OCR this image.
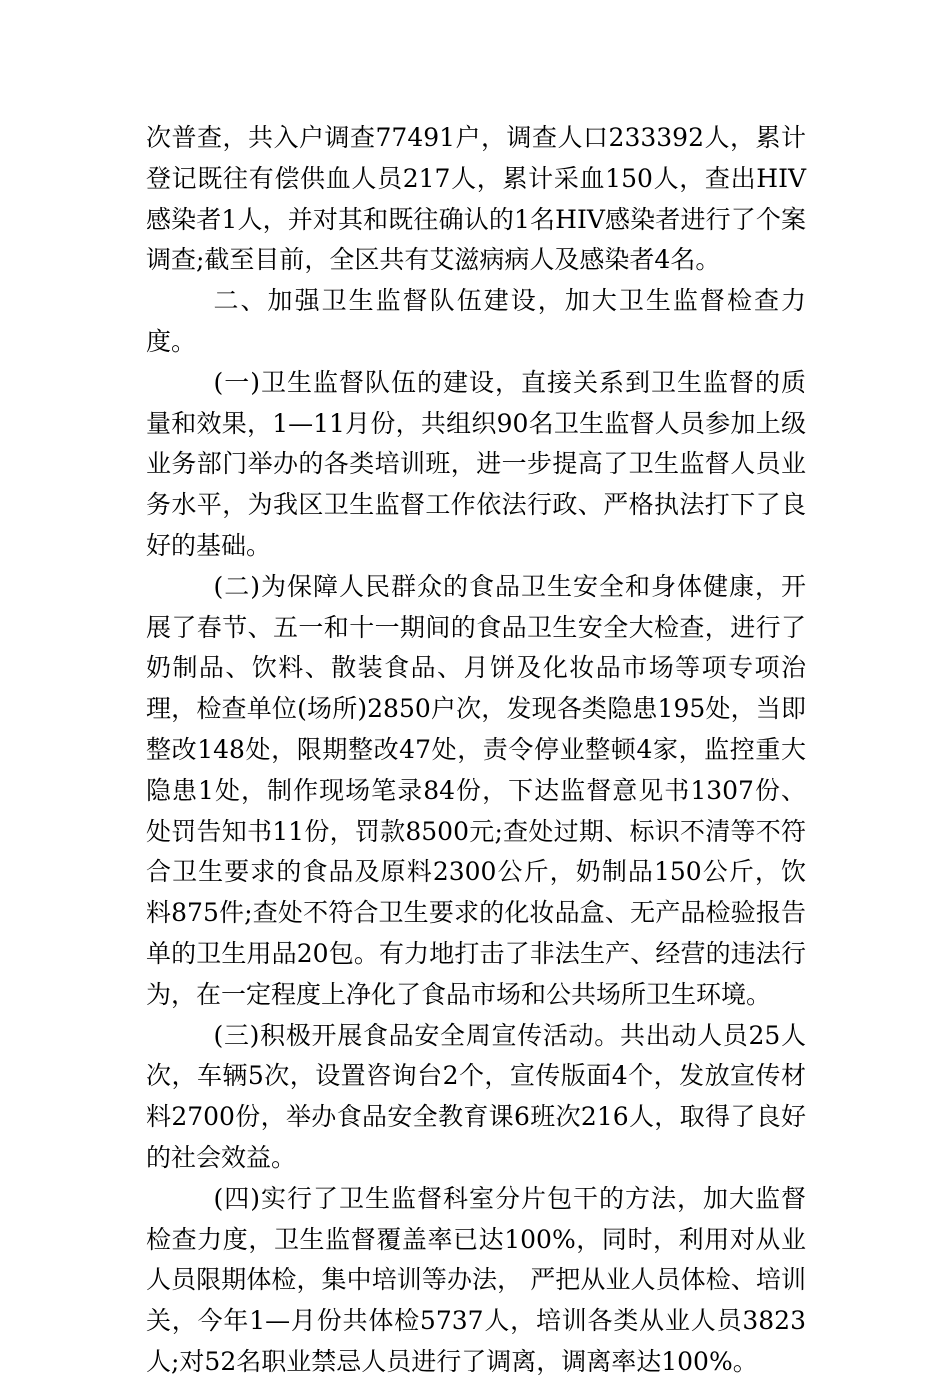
次普查，共入户调查77491户，调查人口233392人，累计登记既往有偿供血人员217人，累计采血150人，查出HIV感染者1人，并对其和既往确认的1名HIV感染者进行了个案调查;截至目前，全区共有艾滋病病人及感染者4名。

二、加强卫生监督队伍建设，加大卫生监督检查力度。

(一)卫生监督队伍的建设，直接关系到卫生监督的质量和效果，1—11月份，共组织90名卫生监督人员参加上级业务部门举办的各类培训班，进一步提高了卫生监督人员业务水平，为我区卫生监督工作依法行政、严格执法打下了良好的基础。

(二)为保障人民群众的食品卫生安全和身体健康，开展了春节、五一和十一期间的食品卫生安全大检查，进行了奶制品、饮料、散装食品、月饼及化妆品市场等项专项治理，检查单位(场所)2850户次，发现各类隐患195处，当即整改148处，限期整改47处，责令停业整顿4家，监控重大隐患1处，制作现场笔录84份，下达监督意见书1307份、处罚告知书11份，罚款8500元;查处过期、标识不清等不符合卫生要求的食品及原料2300公斤，奶制品150公斤，饮料875件;查处不符合卫生要求的化妆品盒、无产品检验报告单的卫生用品20包。有力地打击了非法生产、经营的违法行为，在一定程度上净化了食品市场和公共场所卫生环境。

(三)积极开展食品安全周宣传活动。共出动人员25人次，车辆5次，设置咨询台2个，宣传版面4个，发放宣传材料2700份，举办食品安全教育课6班次216人，取得了良好的社会效益。

(四)实行了卫生监督科室分片包干的方法，加大监督检查力度，卫生监督覆盖率已达100%，同时，利用对从业人员限期体检，集中培训等办法， 严把从业人员体检、培训关，今年1—月份共体检5737人，培训各类从业人员3823人;对52名职业禁忌人员进行了调离，调离率达100%。
